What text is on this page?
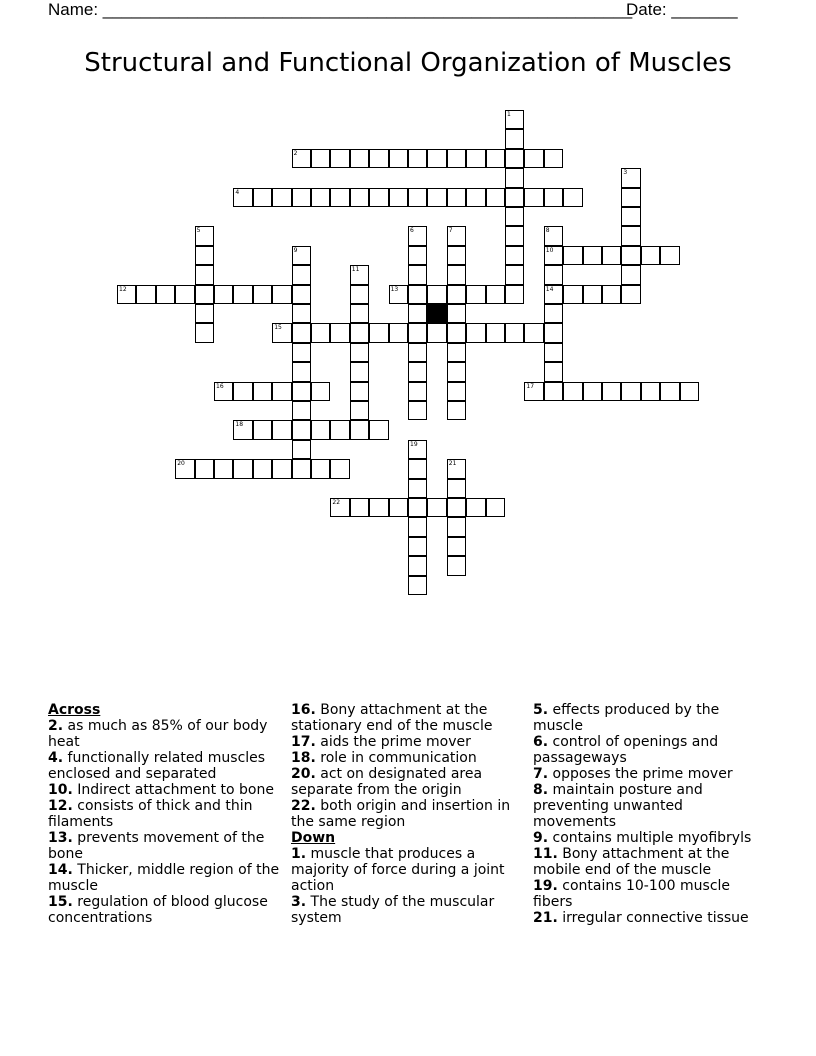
Name: ________________________________________________________
Date: _______
Structural and Functional Organization of Muscles
1
2
3
4
5	6	7	8
10
14
9
11
12	13
15
16	17
18
19
20	21
22

Across

2. as much as 85% of our body heat

4. functionally related muscles enclosed and separated

10. Indirect attachment to bone

12. consists of thick and thin filaments

13. prevents movement of the bone

14. Thicker, middle region of the muscle

15. regulation of blood glucose concentrations

16. Bony attachment at the stationary end of the muscle

17. aids the prime mover

18. role in communication

20. act on designated area separate from the origin

22. both origin and insertion in the same region

Down

1. muscle that produces a majority of force during a joint action

3. The study of the muscular system

5. effects produced by the muscle

6. control of openings and passageways

7. opposes the prime mover

8. maintain posture and preventing unwanted movements

9. contains multiple myofibryls

11. Bony attachment at the mobile end of the muscle

19. contains 10-100 muscle fibers

21. irregular connective tissue
